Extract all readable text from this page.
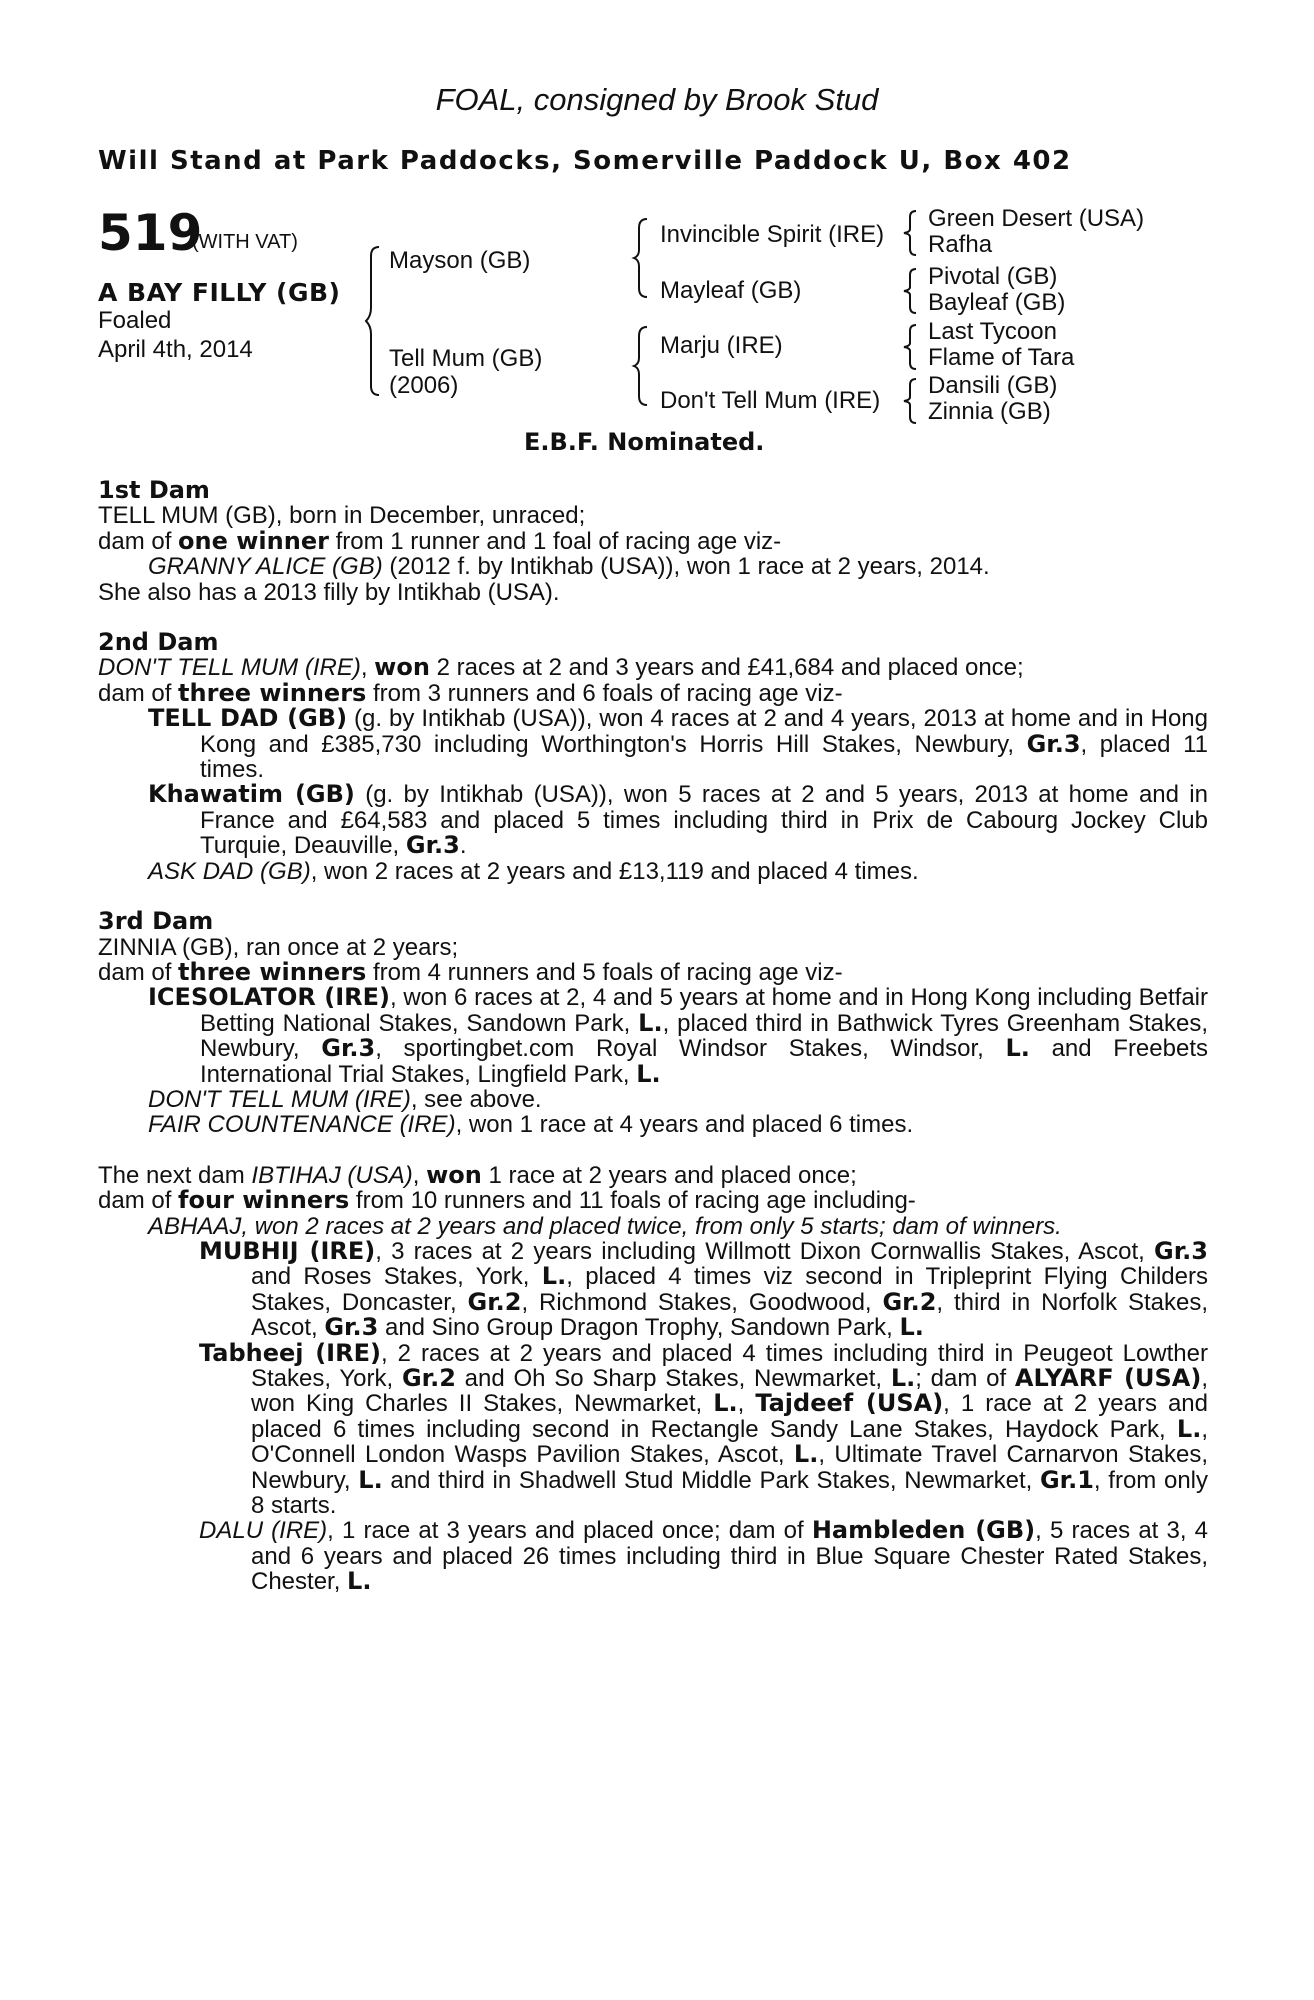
FOAL, consigned by Brook Stud
Will Stand at Park Paddocks, Somerville Paddock U, Box 402
519
(WITH VAT)
A BAY FILLY (GB)
Foaled
April 4th, 2014
Mayson (GB)
Tell Mum (GB)
(2006)
Invincible Spirit (IRE)
Mayleaf (GB)
Marju (IRE)
Don't Tell Mum (IRE)
Green Desert (USA)
Rafha
Pivotal (GB)
Bayleaf (GB)
Last Tycoon
Flame of Tara
Dansili (GB)
Zinnia (GB)
E.B.F. Nominated.

1st Dam

TELL MUM (GB), born in December, unraced;

dam of one winner from 1 runner and 1 foal of racing age viz-

GRANNY ALICE (GB) (2012 f. by Intikhab (USA)), won 1 race at 2 years, 2014.

She also has a 2013 filly by Intikhab (USA).

2nd Dam

DON'T TELL MUM (IRE), won 2 races at 2 and 3 years and £41,684 and placed once;

dam of three winners from 3 runners and 6 foals of racing age viz-

TELL DAD (GB) (g. by Intikhab (USA)), won 4 races at 2 and 4 years, 2013 at home and in Hong Kong and £385,730 including Worthington's Horris Hill Stakes, Newbury, Gr.3, placed 11 times.

Khawatim (GB) (g. by Intikhab (USA)), won 5 races at 2 and 5 years, 2013 at home and in France and £64,583 and placed 5 times including third in Prix de Cabourg Jockey Club Turquie, Deauville, Gr.3.

ASK DAD (GB), won 2 races at 2 years and £13,119 and placed 4 times.

3rd Dam

ZINNIA (GB), ran once at 2 years;

dam of three winners from 4 runners and 5 foals of racing age viz-

ICESOLATOR (IRE), won 6 races at 2, 4 and 5 years at home and in Hong Kong including Betfair Betting National Stakes, Sandown Park, L., placed third in Bathwick Tyres Greenham Stakes, Newbury, Gr.3, sportingbet.com Royal Windsor Stakes, Windsor, L. and Freebets International Trial Stakes, Lingfield Park, L.

DON'T TELL MUM (IRE), see above.

FAIR COUNTENANCE (IRE), won 1 race at 4 years and placed 6 times.

The next dam IBTIHAJ (USA), won 1 race at 2 years and placed once;

dam of four winners from 10 runners and 11 foals of racing age including-

ABHAAJ, won 2 races at 2 years and placed twice, from only 5 starts; dam of winners.

MUBHIJ (IRE), 3 races at 2 years including Willmott Dixon Cornwallis Stakes, Ascot, Gr.3 and Roses Stakes, York, L., placed 4 times viz second in Tripleprint Flying Childers Stakes, Doncaster, Gr.2, Richmond Stakes, Goodwood, Gr.2, third in Norfolk Stakes, Ascot, Gr.3 and Sino Group Dragon Trophy, Sandown Park, L.

Tabheej (IRE), 2 races at 2 years and placed 4 times including third in Peugeot Lowther Stakes, York, Gr.2 and Oh So Sharp Stakes, Newmarket, L.; dam of ALYARF (USA), won King Charles II Stakes, Newmarket, L., Tajdeef (USA), 1 race at 2 years and placed 6 times including second in Rectangle Sandy Lane Stakes, Haydock Park, L., O'Connell London Wasps Pavilion Stakes, Ascot, L., Ultimate Travel Carnarvon Stakes, Newbury, L. and third in Shadwell Stud Middle Park Stakes, Newmarket, Gr.1, from only 8 starts.

DALU (IRE), 1 race at 3 years and placed once; dam of Hambleden (GB), 5 races at 3, 4 and 6 years and placed 26 times including third in Blue Square Chester Rated Stakes, Chester, L.
